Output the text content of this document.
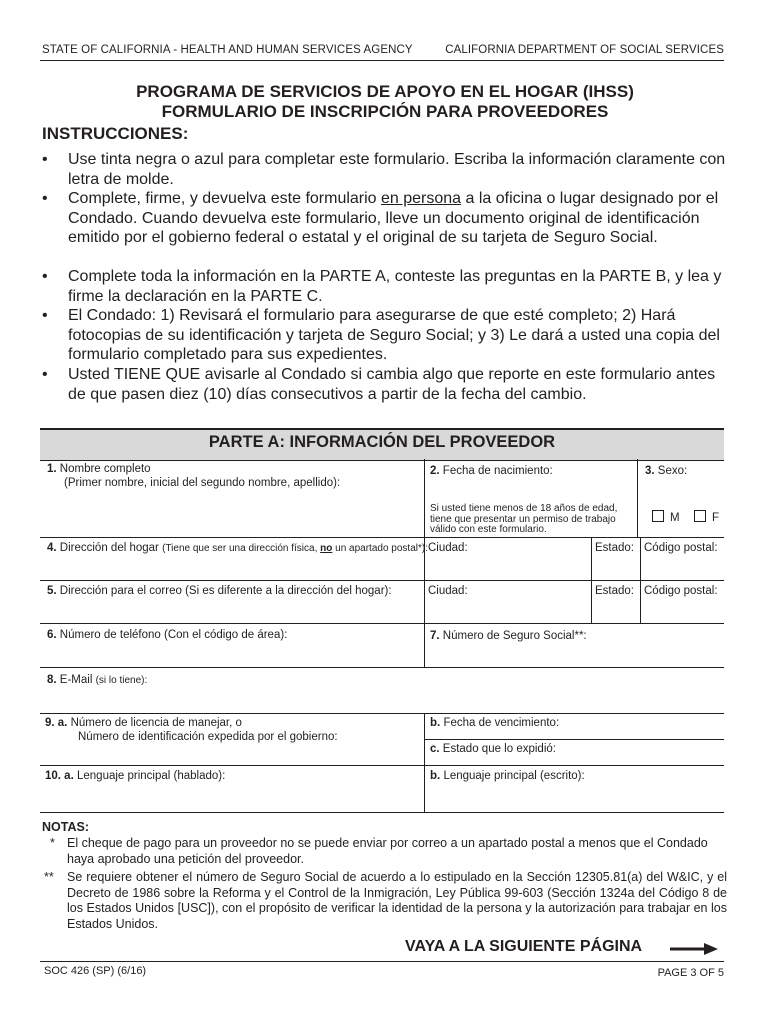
STATE OF CALIFORNIA - HEALTH AND HUMAN SERVICES AGENCY	CALIFORNIA DEPARTMENT OF SOCIAL SERVICES
PROGRAMA DE SERVICIOS DE APOYO EN EL HOGAR (IHSS)
FORMULARIO DE INSCRIPCIÓN PARA PROVEEDORES
INSTRUCCIONES:
• Use tinta negra o azul para completar este formulario. Escriba la información claramente con letra de molde.
• Complete, firme, y devuelva este formulario en persona a la oficina o lugar designado por el Condado. Cuando devuelva este formulario, lleve un documento original de identificación emitido por el gobierno federal o estatal y el original de su tarjeta de Seguro Social.
• Complete toda la información en la PARTE A, conteste las preguntas en la PARTE B, y lea y firme la declaración en la PARTE C.
• El Condado: 1) Revisará el formulario para asegurarse de que esté completo; 2) Hará fotocopias de su identificación y tarjeta de Seguro Social; y 3) Le dará a usted una copia del formulario completado para sus expedientes.
• Usted TIENE QUE avisarle al Condado si cambia algo que reporte en este formulario antes de que pasen diez (10) días consecutivos a partir de la fecha del cambio.
PARTE A: INFORMACIÓN DEL PROVEEDOR
1. Nombre completo
(Primer nombre, inicial del segundo nombre, apellido):
2. Fecha de nacimiento:
Si usted tiene menos de 18 años de edad, tiene que presentar un permiso de trabajo válido con este formulario.
3. Sexo:
M	F
4. Dirección del hogar (Tiene que ser una dirección física, no un apartado postal*): Ciudad:	Estado: Código postal:
5. Dirección para el correo (Si es diferente a la dirección del hogar):	Ciudad:	Estado: Código postal:
6. Número de teléfono (Con el código de área):	7. Número de Seguro Social**:
8. E-Mail (si lo tiene):
9. a. Número de licencia de manejar, o
Número de identificación expedida por el gobierno:
b. Fecha de vencimiento:
c. Estado que lo expidió:
10. a. Lenguaje principal (hablado):	b. Lenguaje principal (escrito):
NOTAS:
* El cheque de pago para un proveedor no se puede enviar por correo a un apartado postal a menos que el Condado haya aprobado una petición del proveedor.
** Se requiere obtener el número de Seguro Social de acuerdo a lo estipulado en la Sección 12305.81(a) del W&IC, y el Decreto de 1986 sobre la Reforma y el Control de la Inmigración, Ley Pública 99-603 (Sección 1324a del Código 8 de los Estados Unidos [USC]), con el propósito de verificar la identidad de la persona y la autorización para trabajar en los Estados Unidos.
VAYA A LA SIGUIENTE PÁGINA
SOC 426 (SP) (6/16)	PAGE 3 OF 5
